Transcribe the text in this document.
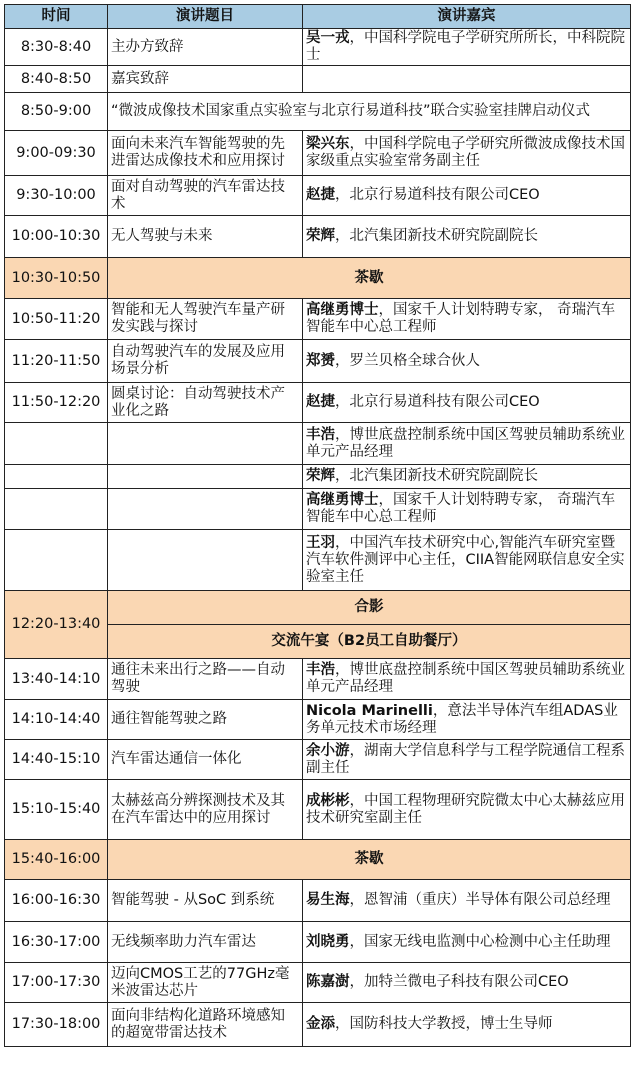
时间	演讲题目	演讲嘉宾
8:30-8:40	主办方致辞	吴一戎，中国科学院电子学研究所所长，中科院院士
8:40-8:50	嘉宾致辞	
8:50-9:00	“微波成像技术国家重点实验室与北京行易道科技”联合实验室挂牌启动仪式	
9:00-09:30	面向未来汽车智能驾驶的先进雷达成像技术和应用探讨	梁兴东，中国科学院电子学研究所微波成像技术国家级重点实验室常务副主任
9:30-10:00	面对自动驾驶的汽车雷达技术	赵捷，北京行易道科技有限公司CEO
10:00-10:30	无人驾驶与未来	荣辉，北汽集团新技术研究院副院长
10:30-10:50	茶歇	
10:50-11:20	智能和无人驾驶汽车量产研发实践与探讨	高继勇博士，国家千人计划特聘专家， 奇瑞汽车智能车中心总工程师
11:20-11:50	自动驾驶汽车的发展及应用场景分析	郑赟，罗兰贝格全球合伙人
11:50-12:20	圆桌讨论：自动驾驶技术产业化之路	赵捷，北京行易道科技有限公司CEO
		丰浩，博世底盘控制系统中国区驾驶员辅助系统业单元产品经理
		荣辉，北汽集团新技术研究院副院长
		高继勇博士，国家千人计划特聘专家， 奇瑞汽车智能车中心总工程师
		王羽，中国汽车技术研究中心,智能汽车研究室暨汽车软件测评中心主任，CIIA智能网联信息安全实验室主任
12:20-13:40	合影	
	交流午宴（B2员工自助餐厅）	
13:40-14:10	通往未来出行之路——自动驾驶	丰浩，博世底盘控制系统中国区驾驶员辅助系统业单元产品经理
14:10-14:40	通往智能驾驶之路	Nicola Marinelli，意法半导体汽车组ADAS业务单元技术市场经理
14:40-15:10	汽车雷达通信一体化	余小游，湖南大学信息科学与工程学院通信工程系副主任
15:10-15:40	太赫兹高分辨探测技术及其在汽车雷达中的应用探讨	成彬彬，中国工程物理研究院微太中心太赫兹应用技术研究室副主任
15:40-16:00	茶歇	
16:00-16:30	智能驾驶 - 从SoC 到系统	易生海，恩智浦（重庆）半导体有限公司总经理
16:30-17:00	无线频率助力汽车雷达	刘晓勇，国家无线电监测中心检测中心主任助理
17:00-17:30	迈向CMOS工艺的77GHz毫米波雷达芯片	陈嘉澍，加特兰微电子科技有限公司CEO
17:30-18:00	面向非结构化道路环境感知的超宽带雷达技术	金添，国防科技大学教授，博士生导师
